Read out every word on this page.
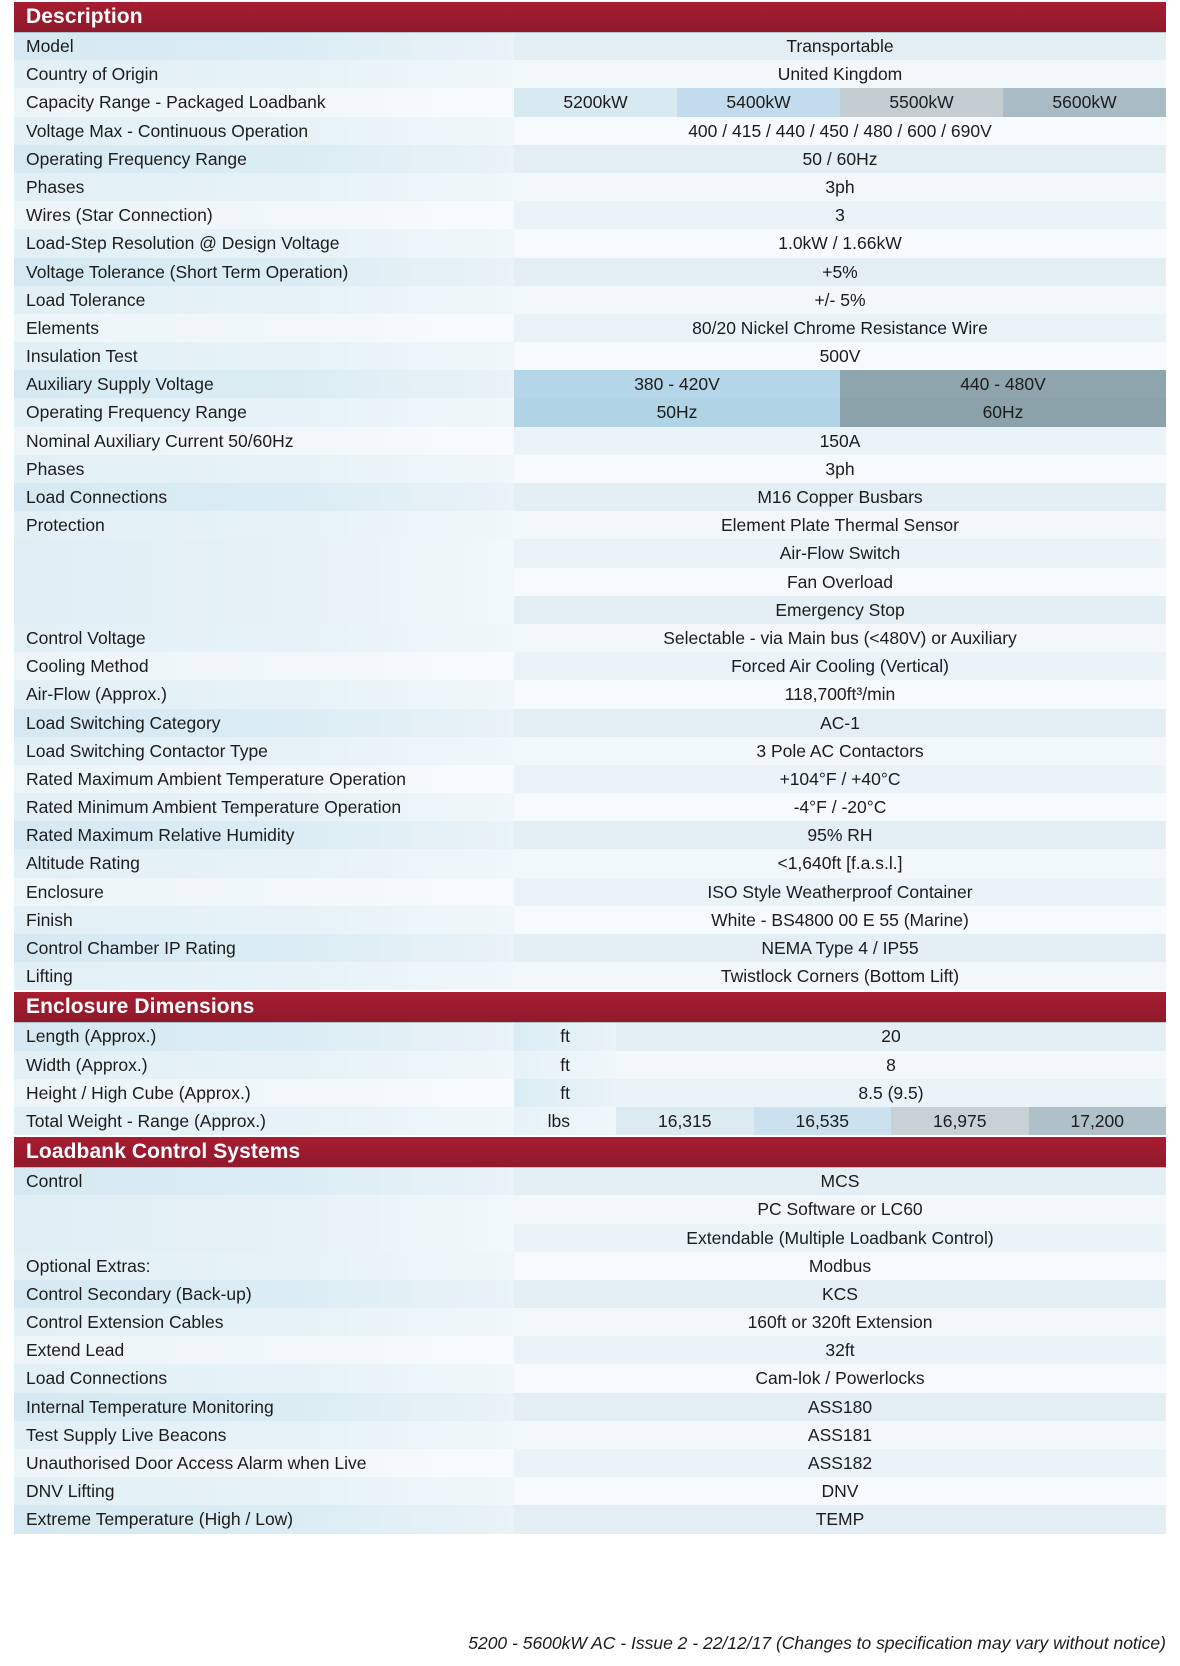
Description
Model	Transportable
Country of Origin	United Kingdom
Capacity Range - Packaged Loadbank	5200kW	5400kW	5500kW	5600kW
Voltage Max - Continuous Operation	400 / 415 / 440 / 450 / 480 / 600 / 690V
Operating Frequency Range	50 / 60Hz
Phases	3ph
Wires (Star Connection)	3
Load-Step Resolution @ Design Voltage	1.0kW / 1.66kW
Voltage Tolerance (Short Term Operation)	+5%
Load Tolerance	+/- 5%
Elements	80/20 Nickel Chrome Resistance Wire
Insulation Test	500V
Auxiliary Supply Voltage	380 - 420V	440 - 480V
Operating Frequency Range	50Hz	60Hz
Nominal Auxiliary Current 50/60Hz	150A
Phases	3ph
Load Connections	M16 Copper Busbars
Protection	Element Plate Thermal Sensor
Air-Flow Switch
Fan Overload
Emergency Stop
Control Voltage	Selectable - via Main bus (<480V) or Auxiliary
Cooling Method	Forced Air Cooling (Vertical)
Air-Flow (Approx.)	118,700ft³/min
Load Switching Category	AC-1
Load Switching Contactor Type	3 Pole AC Contactors
Rated Maximum Ambient Temperature Operation	+104°F / +40°C
Rated Minimum Ambient Temperature Operation	-4°F / -20°C
Rated Maximum Relative Humidity	95% RH
Altitude Rating	<1,640ft [f.a.s.l.]
Enclosure	ISO Style Weatherproof Container
Finish	White - BS4800 00 E 55 (Marine)
Control Chamber IP Rating	NEMA Type 4 / IP55
Lifting	Twistlock Corners (Bottom Lift)
Enclosure Dimensions
Length (Approx.)	ft	20
Width (Approx.)	ft	8
Height / High Cube (Approx.)	ft	8.5 (9.5)
Total Weight - Range (Approx.)	lbs	16,315	16,535	16,975	17,200
Loadbank Control Systems
Control	MCS
PC Software or LC60
Extendable (Multiple Loadbank Control)
Optional Extras:	Modbus
Control Secondary (Back-up)	KCS
Control Extension Cables	160ft or 320ft Extension
Extend Lead	32ft
Load Connections	Cam-lok / Powerlocks
Internal Temperature Monitoring	ASS180
Test Supply Live Beacons	ASS181
Unauthorised Door Access Alarm when Live	ASS182
DNV Lifting	DNV
Extreme Temperature (High / Low)	TEMP
5200 - 5600kW AC - Issue 2 - 22/12/17 (Changes to specification may vary without notice)
